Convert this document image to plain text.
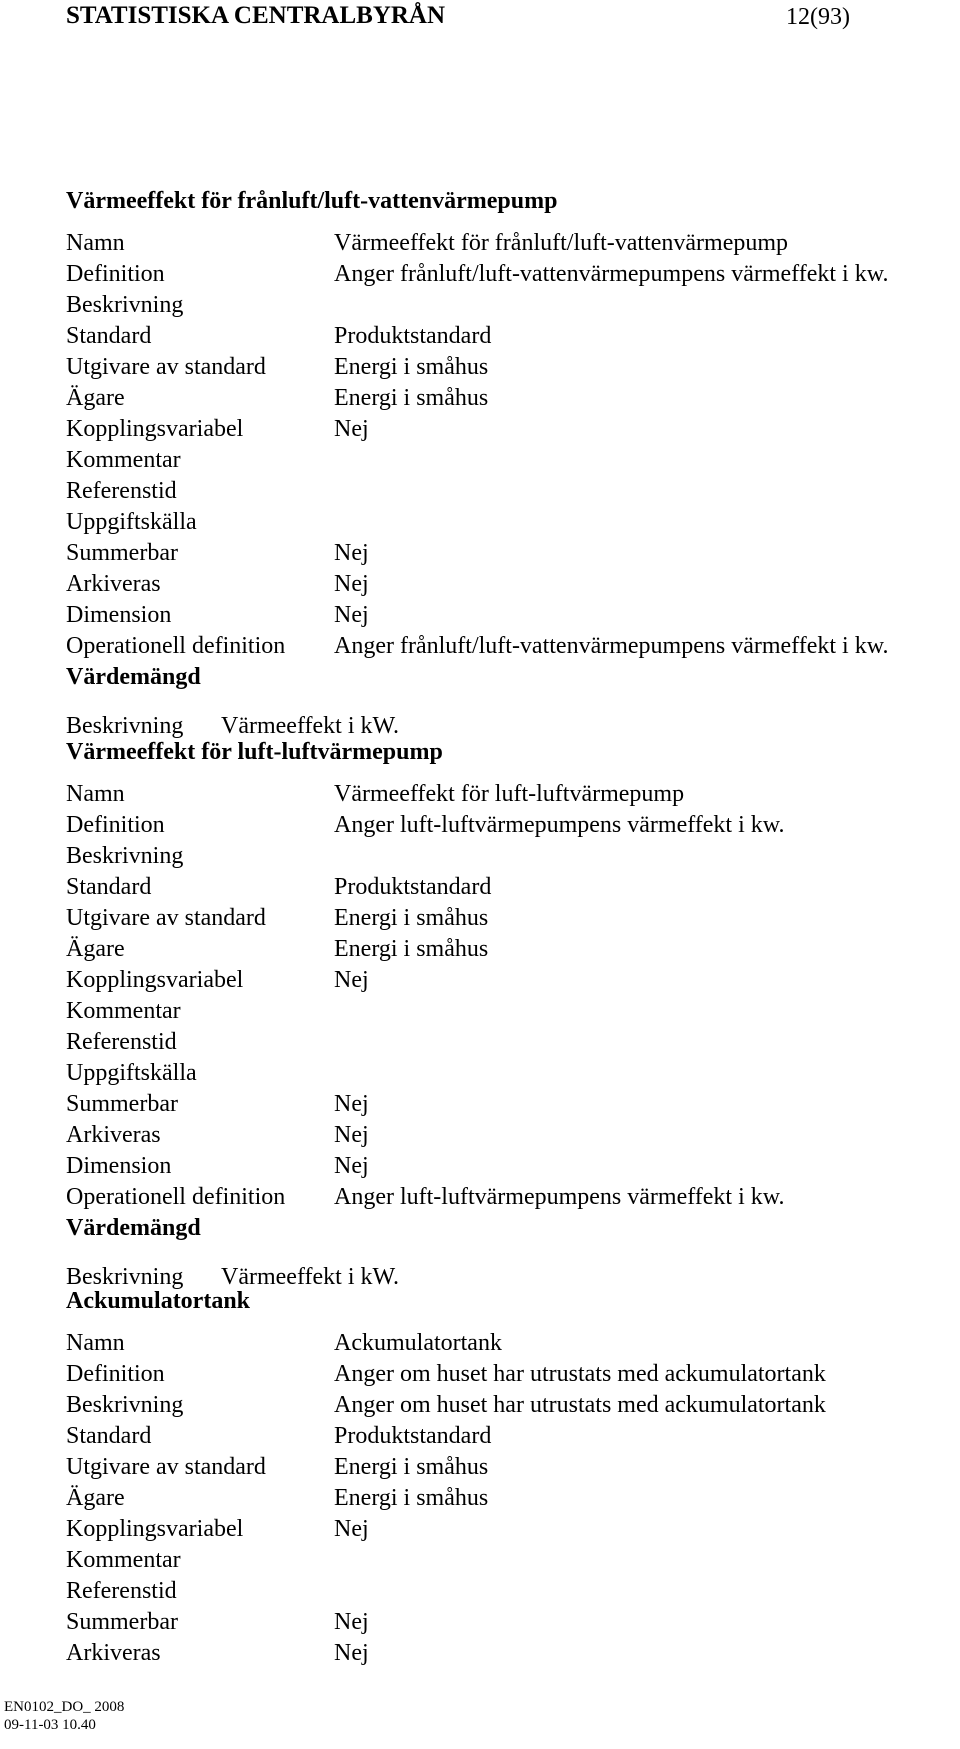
STATISTISKA CENTRALBYRÅN	12(93)
Värmeeffekt för frånluft/luft-vattenvärmepump
Namn	Värmeeffekt för frånluft/luft-vattenvärmepump
Definition	Anger frånluft/luft-vattenvärmepumpens värmeffekt i kw.
Beskrivning
Standard	Produktstandard
Utgivare av standard	Energi i småhus
Ägare	Energi i småhus
Kopplingsvariabel	Nej
Kommentar
Referenstid
Uppgiftskälla
Summerbar	Nej
Arkiveras	Nej
Dimension	Nej
Operationell definition Anger frånluft/luft-vattenvärmepumpens värmeffekt i kw.
Värdemängd
Beskrivning Värmeeffekt i kW.
Värmeeffekt för luft-luftvärmepump
Namn	Värmeeffekt för luft-luftvärmepump
Definition	Anger luft-luftvärmepumpens värmeffekt i kw.
Beskrivning
Standard	Produktstandard
Utgivare av standard	Energi i småhus
Ägare	Energi i småhus
Kopplingsvariabel	Nej
Kommentar
Referenstid
Uppgiftskälla
Summerbar	Nej
Arkiveras	Nej
Dimension	Nej
Operationell definition Anger luft-luftvärmepumpens värmeffekt i kw.
Värdemängd
Beskrivning Värmeeffekt i kW.
Ackumulatortank
Namn	Ackumulatortank
Definition	Anger om huset har utrustats med ackumulatortank
Beskrivning	Anger om huset har utrustats med ackumulatortank
Standard	Produktstandard
Utgivare av standard	Energi i småhus
Ägare	Energi i småhus
Kopplingsvariabel	Nej
Kommentar
Referenstid
Summerbar	Nej
Arkiveras	Nej
EN0102_DO_ 2008
09-11-03 10.40
